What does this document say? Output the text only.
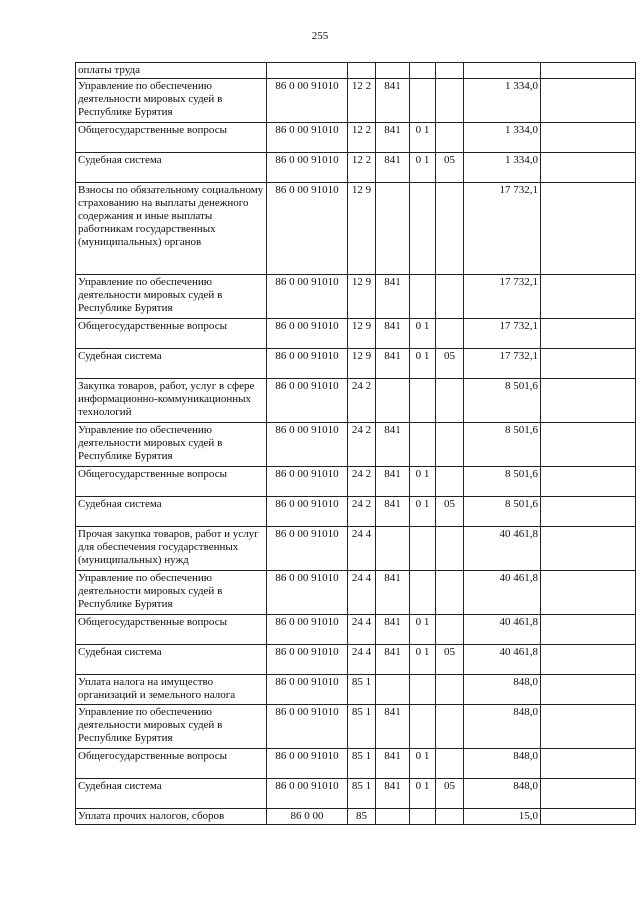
255
оплаты труда							
Управление по обеспечению деятельности мировых судей в Республике Бурятия	86 0 00 91010	12 2	841			1 334,0	
Общегосударственные вопросы	86 0 00 91010	12 2	841	0 1		1 334,0	
Судебная система	86 0 00 91010	12 2	841	0 1	05	1 334,0	
Взносы по обязательному социальному страхованию на выплаты денежного содержания и иные выплаты работникам государственных (муниципальных) органов	86 0 00 91010	12 9				17 732,1	
Управление по обеспечению деятельности мировых судей в Республике Бурятия	86 0 00 91010	12 9	841			17 732,1	
Общегосударственные вопросы	86 0 00 91010	12 9	841	0 1		17 732,1	
Судебная система	86 0 00 91010	12 9	841	0 1	05	17 732,1	
Закупка товаров, работ, услуг в сфере информационно-коммуникационных технологий	86 0 00 91010	24 2				8 501,6	
Управление по обеспечению деятельности мировых судей в Республике Бурятия	86 0 00 91010	24 2	841			8 501,6	
Общегосударственные вопросы	86 0 00 91010	24 2	841	0 1		8 501,6	
Судебная система	86 0 00 91010	24 2	841	0 1	05	8 501,6	
Прочая закупка товаров, работ и услуг для обеспечения государственных (муниципальных) нужд	86 0 00 91010	24 4				40 461,8	
Управление по обеспечению деятельности мировых судей в Республике Бурятия	86 0 00 91010	24 4	841			40 461,8	
Общегосударственные вопросы	86 0 00 91010	24 4	841	0 1		40 461,8	
Судебная система	86 0 00 91010	24 4	841	0 1	05	40 461,8	
Уплата налога на имущество организаций и земельного налога	86 0 00 91010	85 1				848,0	
Управление по обеспечению деятельности мировых судей в Республике Бурятия	86 0 00 91010	85 1	841			848,0	
Общегосударственные вопросы	86 0 00 91010	85 1	841	0 1		848,0	
Судебная система	86 0 00 91010	85 1	841	0 1	05	848,0	
Уплата прочих налогов, сборов	86 0 00	85				15,0	
